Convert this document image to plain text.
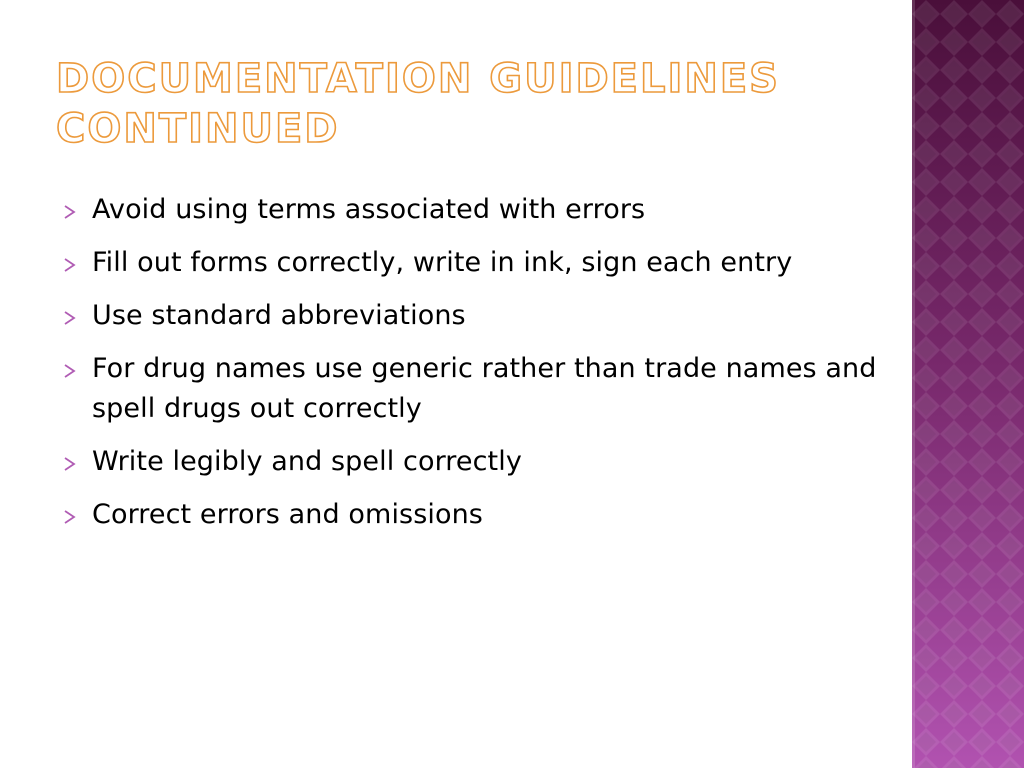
DOCUMENTATION GUIDELINES
CONTINUED
Avoid using terms associated with errors
Fill out forms correctly, write in ink, sign each entry
Use standard abbreviations
For drug names use generic rather than trade names and spell drugs out correctly
Write legibly and spell correctly
Correct errors and omissions
